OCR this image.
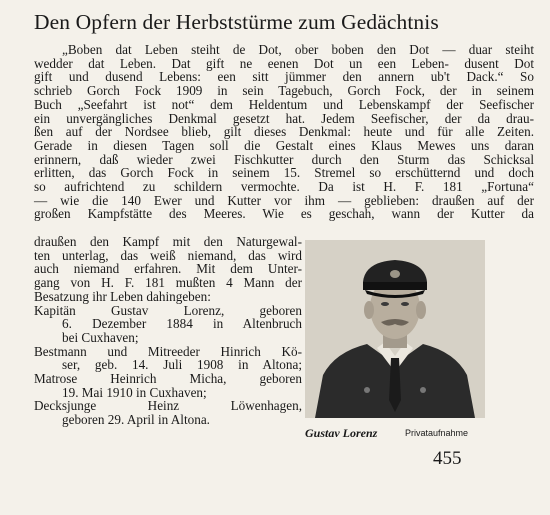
Den Opfern der Herbststürme zum Gedächtnis
„Boben dat Leben steiht de Dot, ober boben den Dot — duar steiht
wedder dat Leben. Dat gift ne eenen Dot un een Leben- dusent Dot
gift und dusend Lebens: een sitt jümmer den annern ub't Dack.“ So
schrieb Gorch Fock 1909 in sein Tagebuch, Gorch Fock, der in seinem
Buch „Seefahrt ist not“ dem Heldentum und Lebenskampf der Seefischer
ein unvergängliches Denkmal gesetzt hat. Jedem Seefischer, der da drau-
ßen auf der Nordsee blieb, gilt dieses Denkmal: heute und für alle Zeiten.
Gerade in diesen Tagen soll die Gestalt eines Klaus Mewes uns daran
erinnern, daß wieder zwei Fischkutter durch den Sturm das Schicksal
erlitten, das Gorch Fock in seinem 15. Stremel so erschütternd und doch
so aufrichtend zu schildern vermochte. Da ist H. F. 181 „Fortuna“
— wie die 140 Ewer und Kutter vor ihm — geblieben: draußen auf der
großen Kampfstätte des Meeres. Wie es geschah, wann der Kutter da
draußen den Kampf mit den Naturgewal-
ten unterlag, das weiß niemand, das wird
auch niemand erfahren. Mit dem Unter-
gang von H. F. 181 mußten 4 Mann der
Besatzung ihr Leben dahingeben:
Kapitän Gustav Lorenz, geboren
6. Dezember 1884 in Altenbruch
bei Cuxhaven;
Bestmann und Mitreeder Hinrich Kö-
ser, geb. 14. Juli 1908 in Altona;
Matrose Heinrich Micha, geboren
19. Mai 1910 in Cuxhaven;
Decksjunge Heinz Löwenhagen,
geboren 29. April in Altona.
Gustav Lorenz	Privataufnahme
455
